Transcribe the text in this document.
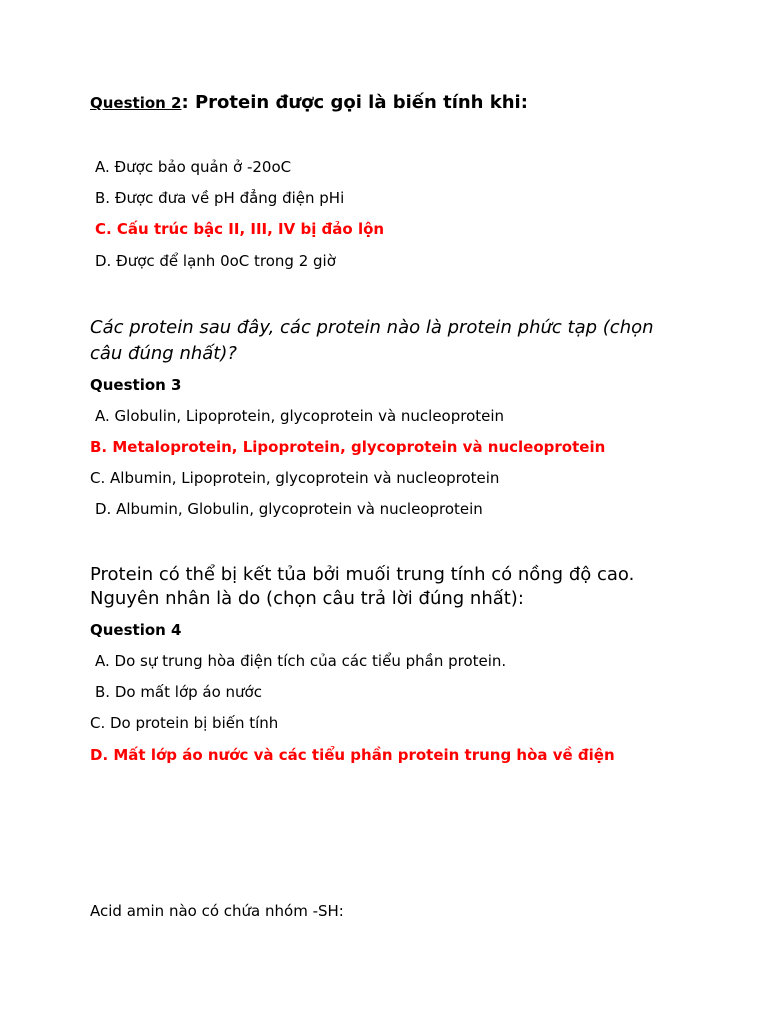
Question 2: Protein được gọi là biến tính khi:
A. Được bảo quản ở -20oC
B. Được đưa về pH đẳng điện pHi
C. Cấu trúc bậc II, III, IV bị đảo lộn
D. Được để lạnh 0oC trong 2 giờ
Các protein sau đây, các protein nào là protein phức tạp (chọn
câu đúng nhất)?
Question 3
A. Globulin, Lipoprotein, glycoprotein và nucleoprotein
B. Metaloprotein, Lipoprotein, glycoprotein và nucleoprotein
C. Albumin, Lipoprotein, glycoprotein và nucleoprotein
D. Albumin, Globulin, glycoprotein và nucleoprotein
Protein có thể bị kết tủa bởi muối trung tính có nồng độ cao.
Nguyên nhân là do (chọn câu trả lời đúng nhất):
Question 4
A. Do sự trung hòa điện tích của các tiểu phần protein.
B. Do mất lớp áo nước
C. Do protein bị biến tính
D. Mất lớp áo nước và các tiểu phần protein trung hòa về điện
Acid amin nào có chứa nhóm -SH:
